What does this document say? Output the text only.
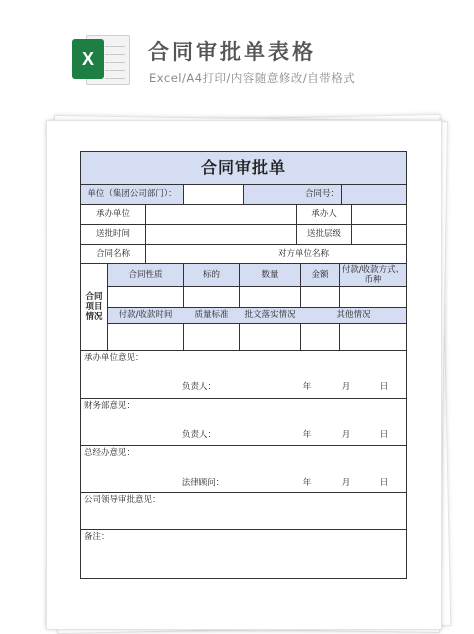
X	合同审批单表格
Excel/A4打印/内容随意修改/自带格式
合同审批单
单位（集团公司部门）：	合同号：
承办单位	承办人
送批时间	送批层级
合同名称	对方单位名称
合同
项目
情况
合同性质	标的	数量	金额
付款/收款方式、
币种
付款/收款时间	质量标准	批文落实情况	其他情况
承办单位意见：
负责人：	年	月	日
财务部意见：
负责人：	年	月	日
总经办意见：
法律顾问：	年	月	日
公司领导审批意见：
备注：
